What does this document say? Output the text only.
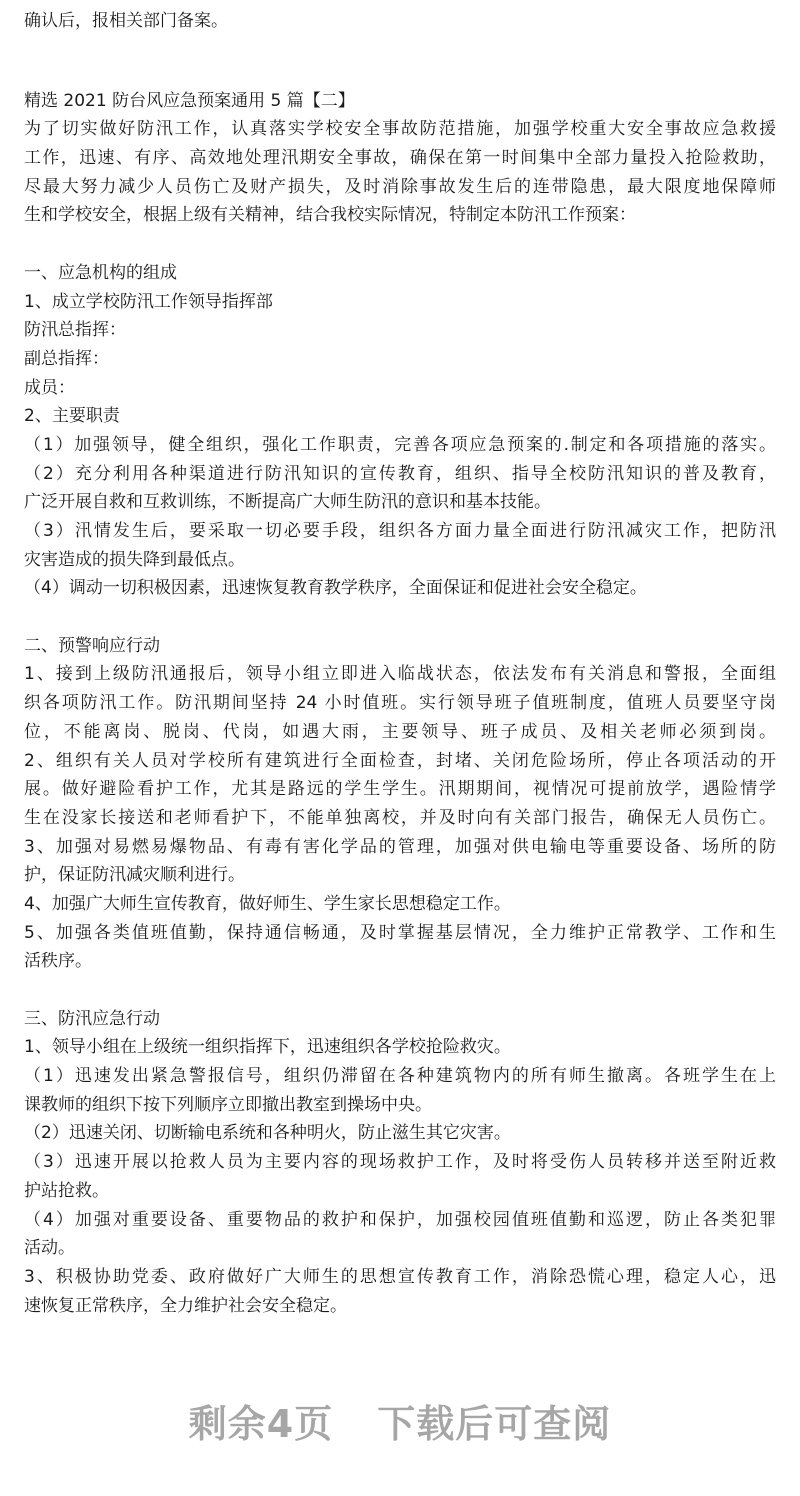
确认后，报相关部门备案。
精选 2021 防台风应急预案通用 5 篇【二】
为了切实做好防汛工作，认真落实学校安全事故防范措施，加强学校重大安全事故应急救援
工作，迅速、有序、高效地处理汛期安全事故，确保在第一时间集中全部力量投入抢险救助，
尽最大努力减少人员伤亡及财产损失，及时消除事故发生后的连带隐患，最大限度地保障师
生和学校安全，根据上级有关精神，结合我校实际情况，特制定本防汛工作预案：
一、应急机构的组成
1、成立学校防汛工作领导指挥部
防汛总指挥：
副总指挥：
成员：
2、主要职责
（1）加强领导，健全组织，强化工作职责，完善各项应急预案的.制定和各项措施的落实。
（2）充分利用各种渠道进行防汛知识的宣传教育，组织、指导全校防汛知识的普及教育，
广泛开展自救和互救训练，不断提高广大师生防汛的意识和基本技能。
（3）汛情发生后，要采取一切必要手段，组织各方面力量全面进行防汛减灾工作，把防汛
灾害造成的损失降到最低点。
（4）调动一切积极因素，迅速恢复教育教学秩序，全面保证和促进社会安全稳定。
二、预警响应行动
1、接到上级防汛通报后，领导小组立即进入临战状态，依法发布有关消息和警报，全面组
织各项防汛工作。防汛期间坚持 24 小时值班。实行领导班子值班制度，值班人员要坚守岗
位，不能离岗、脱岗、代岗，如遇大雨，主要领导、班子成员、及相关老师必须到岗。
2、组织有关人员对学校所有建筑进行全面检查，封堵、关闭危险场所，停止各项活动的开
展。做好避险看护工作，尤其是路远的学生学生。汛期期间，视情况可提前放学，遇险情学
生在没家长接送和老师看护下，不能单独离校，并及时向有关部门报告，确保无人员伤亡。
3、加强对易燃易爆物品、有毒有害化学品的管理，加强对供电输电等重要设备、场所的防
护，保证防汛减灾顺利进行。
4、加强广大师生宣传教育，做好师生、学生家长思想稳定工作。
5、加强各类值班值勤，保持通信畅通，及时掌握基层情况，全力维护正常教学、工作和生
活秩序。
三、防汛应急行动
1、领导小组在上级统一组织指挥下，迅速组织各学校抢险救灾。
（1）迅速发出紧急警报信号，组织仍滞留在各种建筑物内的所有师生撤离。各班学生在上
课教师的组织下按下列顺序立即撤出教室到操场中央。
（2）迅速关闭、切断输电系统和各种明火，防止滋生其它灾害。
（3）迅速开展以抢救人员为主要内容的现场救护工作，及时将受伤人员转移并送至附近救
护站抢救。
（4）加强对重要设备、重要物品的救护和保护，加强校园值班值勤和巡逻，防止各类犯罪
活动。
3、积极协助党委、政府做好广大师生的思想宣传教育工作，消除恐慌心理，稳定人心，迅
速恢复正常秩序，全力维护社会安全稳定。
剩余4页 下载后可查阅
